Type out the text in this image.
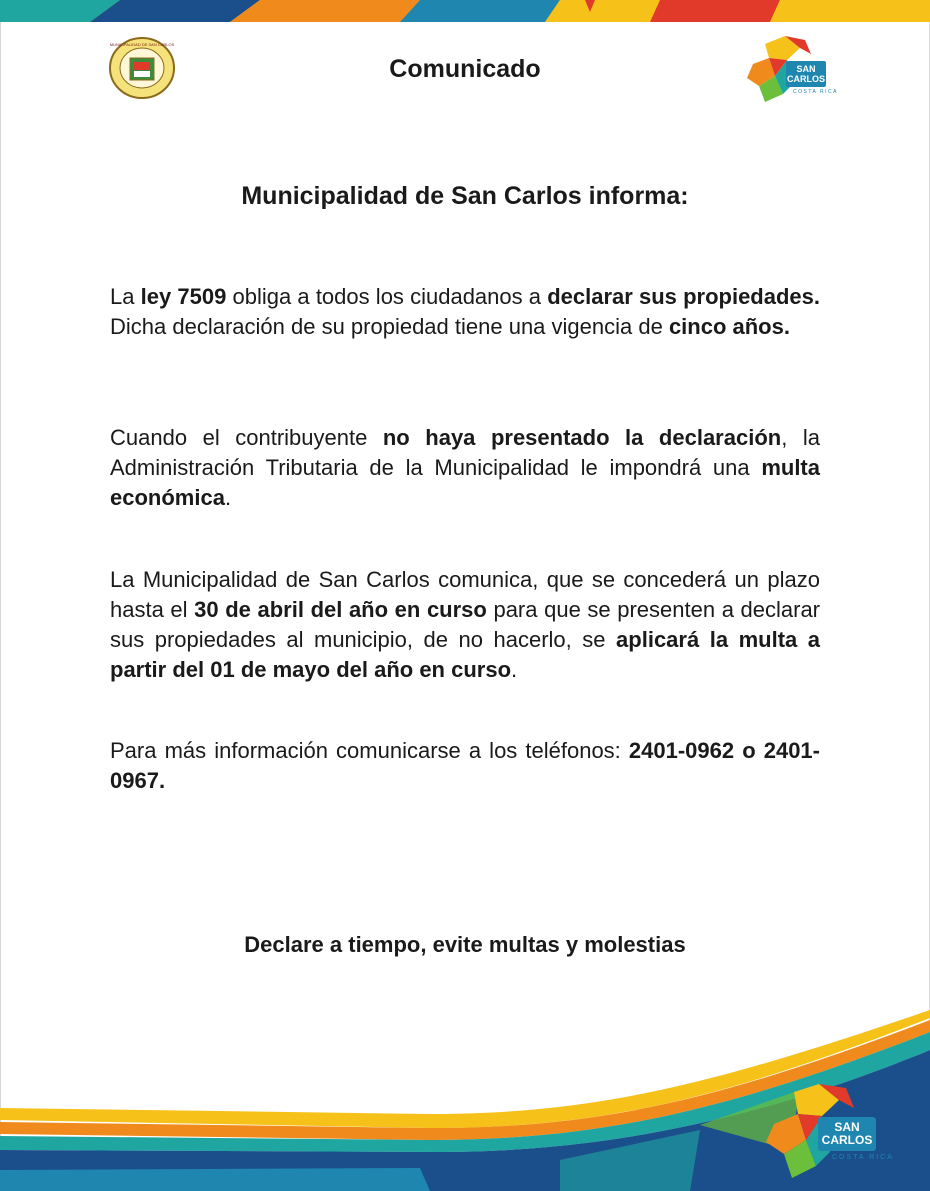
MUNICIPALIDAD DE SAN CARLOS
Comunicado	SAN
CARLOS
COSTA RICA
Municipalidad de San Carlos informa:

La ley 7509 obliga a todos los ciudadanos a declarar sus propiedades. Dicha declaración de su propiedad tiene una vigencia de cinco años.

Cuando el contribuyente no haya presentado la declaración, la Administración Tributaria de la Municipalidad le impondrá una multa económica.

La Municipalidad de San Carlos comunica, que se concederá un plazo hasta el 30 de abril del año en curso para que se presenten a declarar sus propiedades al municipio, de no hacerlo, se aplicará la multa a partir del 01 de mayo del año en curso.

Para más información comunicarse a los teléfonos: 2401-0962 o 2401-0967.

Declare a tiempo, evite multas y molestias

SAN
CARLOS
COSTA RICA
